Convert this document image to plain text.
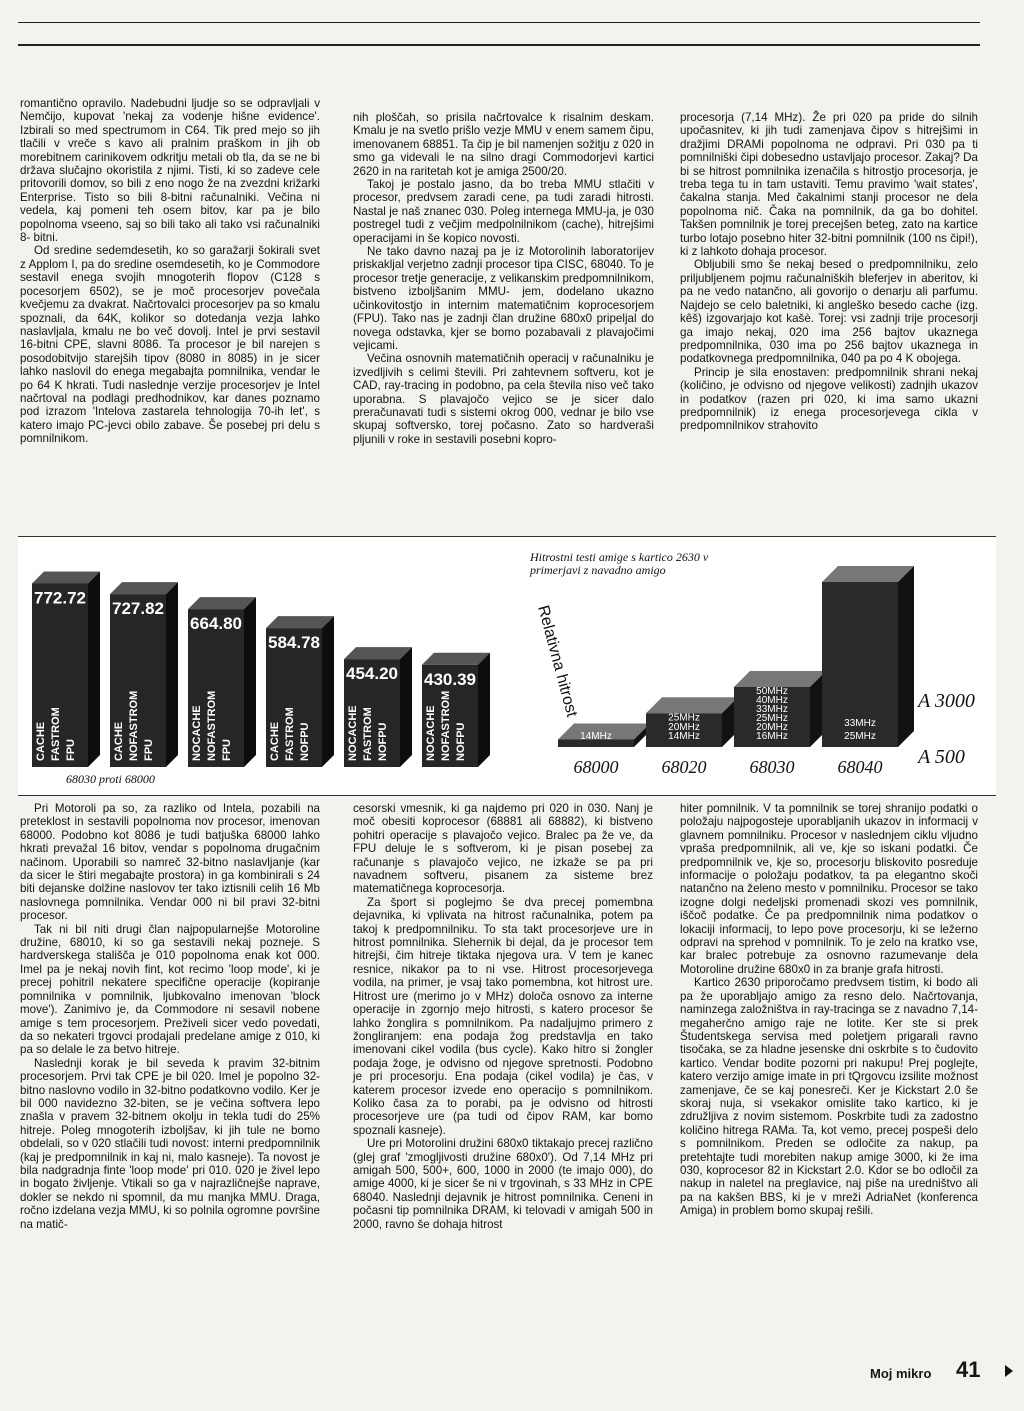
romantično opravilo. Nadebudni ljudje so se odpravljali v Nemčijo, kupovat 'nekaj za vodenje hišne evidence'. Izbirali so med spectrumom in C64. Tik pred mejo so jih tlačili v vreče s kavo ali pralnim praškom in jih ob morebitnem carinikovem odkritju metali ob tla, da se ne bi država slučajno okoristila z njimi. Tisti, ki so zadeve cele pritovorili domov, so bili z eno nogo že na zvezdni križarki Enterprise. Tisto so bili 8-bitni računalniki. Večina ni vedela, kaj pomeni teh osem bitov, kar pa je bilo popolnoma vseeno, saj so bili tako ali tako vsi računalniki 8- bitni.

Od sredine sedemdesetih, ko so garažarji šokirali svet z Applom I, pa do sredine osemdesetih, ko je Commodore sestavil enega svojih mnogoterih flopov (C128 s pocesorjem 6502), se je moč procesorjev povečala kvečjemu za dvakrat. Načrtovalci procesorjev pa so kmalu spoznali, da 64K, kolikor so dotedanja vezja lahko naslavljala, kmalu ne bo več dovolj. Intel je prvi sestavil 16-bitni CPE, slavni 8086. Ta procesor je bil narejen s posodobitvijo starejših tipov (8080 in 8085) in je sicer lahko naslovil do enega megabajta pomnilnika, vendar le po 64 K hkrati. Tudi naslednje verzije procesorjev je Intel načrtoval na podlagi predhodnikov, kar danes poznamo pod izrazom 'Intelova zastarela tehnologija 70-ih let', s katero imajo PC-jevci obilo zabave. Še posebej pri delu s pomnilnikom.

nih ploščah, so prisila načrtovalce k risalnim deskam. Kmalu je na svetlo prišlo vezje MMU v enem samem čipu, imenovanem 68851. Ta čip je bil namenjen sožitju z 020 in smo ga videvali le na silno dragi Commodorjevi kartici 2620 in na raritetah kot je amiga 2500/20.

Takoj je postalo jasno, da bo treba MMU stlačiti v procesor, predvsem zaradi cene, pa tudi zaradi hitrosti. Nastal je naš znanec 030. Poleg internega MMU-ja, je 030 postregel tudi z večjim medpolnilnikom (cache), hitrejšimi operacijami in še kopico novosti.

Ne tako davno nazaj pa je iz Motorolinih laboratorijev priskakljal verjetno zadnji procesor tipa CISC, 68040. To je procesor tretje generacije, z velikanskim predpomnilnikom, bistveno izboljšanim MMU- jem, dodelano ukazno učinkovitostjo in internim matematičnim koprocesorjem (FPU). Tako nas je zadnji član družine 680x0 pripeljal do novega odstavka, kjer se bomo pozabavali z plavajočimi vejicami.

Večina osnovnih matematičnih operacij v računalniku je izvedljivih s celimi števili. Pri zahtevnem softveru, kot je CAD, ray-tracing in podobno, pa cela števila niso več tako uporabna. S plavajočo vejico se je sicer dalo preračunavati tudi s sistemi okrog 000, vednar je bilo vse skupaj softversko, torej počasno. Zato so hardveraši pljunili v roke in sestavili posebni kopro-

procesorja (7,14 MHz). Že pri 020 pa pride do silnih upočasnitev, ki jih tudi zamenjava čipov s hitrejšimi in dražjimi DRAMi popolnoma ne odpravi. Pri 030 pa ti pomnilniški čipi dobesedno ustavljajo procesor. Zakaj? Da bi se hitrost pomnilnika izenačila s hitrostjo procesorja, je treba tega tu in tam ustaviti. Temu pravimo 'wait states', čakalna stanja. Med čakalnimi stanji procesor ne dela popolnoma nič. Čaka na pomnilnik, da ga bo dohitel. Takšen pomnilnik je torej precejšen beteg, zato na kartice turbo lotajo posebno hiter 32-bitni pomnilnik (100 ns čipi!), ki z lahkoto dohaja procesor.

Obljubili smo še nekaj besed o predpomnilniku, zelo priljubljenem pojmu računalniških bleferjev in aberitov, ki pa ne vedo natančno, ali govorijo o denarju ali parfumu. Najdejo se celo baletniki, ki angleško besedo cache (izg. kêš) izgovarjajo kot kašè. Torej: vsi zadnji trije procesorji ga imajo nekaj, 020 ima 256 bajtov ukaznega predpomnilnika, 030 ima po 256 bajtov ukaznega in podatkovnega predpomnilnika, 040 pa po 4 K obojega.

Princip je sila enostaven: predpomnilnik shrani nekaj (količino, je odvisno od njegove velikosti) zadnjih ukazov in podatkov (razen pri 020, ki ima samo ukazni predpomnilnik) iz enega procesorjevega cikla v predpomnilnikov strahovito

772.72
CACHE FASTROM FPU
727.82
CACHE NOFASTROM FPU
664.80
NOCACHE NOFASTROM FPU
584.78
CACHE FASTROM NOFPU
454.20
NOCACHE FASTROM NOFPU
430.39
NOCACHE NOFASTROM NOFPU
68030 proti 68000
14MHz
68000
14MHz
20MHz
25MHz
68020
16MHz
20MHz
25MHz
33MHz
40MHz
50MHz
68030
25MHz
33MHz
68040
Relativna hitrost	A 3000
A 500
Hitrostni testi amige s kartico 2630 v primerjavi z navadno amigo

Pri Motoroli pa so, za razliko od Intela, pozabili na preteklost in sestavili popolnoma nov procesor, imenovan 68000. Podobno kot 8086 je tudi batjuška 68000 lahko hkrati prevažal 16 bitov, vendar s popolnoma drugačnim načinom. Uporabili so namreč 32-bitno naslavljanje (kar da sicer le štiri megabajte prostora) in ga kombinirali s 24 biti dejanske dolžine naslovov ter tako iztisnili celih 16 Mb naslovnega pomnilnika. Vendar 000 ni bil pravi 32-bitni procesor.

Tak ni bil niti drugi član najpopularnejše Motoroline družine, 68010, ki so ga sestavili nekaj pozneje. S hardverskega stališča je 010 popolnoma enak kot 000. Imel pa je nekaj novih fint, kot recimo 'loop mode', ki je precej pohitril nekatere specifične operacije (kopiranje pomnilnika v pomnilnik, ljubkovalno imenovan 'block move'). Zanimivo je, da Commodore ni sesavil nobene amige s tem procesorjem. Preživeli sicer vedo povedati, da so nekateri trgovci prodajali predelane amige z 010, ki pa so delale le za betvo hitreje.

Naslednji korak je bil seveda k pravim 32-bitnim procesorjem. Prvi tak CPE je bil 020. Imel je popolno 32-bitno naslovno vodilo in 32-bitno podatkovno vodilo. Ker je bil 000 navidezno 32-biten, se je večina softvera lepo znašla v pravem 32-bitnem okolju in tekla tudi do 25% hitreje. Poleg mnogoterih izboljšav, ki jih tule ne bomo obdelali, so v 020 stlačili tudi novost: interni predpomnilnik (kaj je predpomnilnik in kaj ni, malo kasneje). Ta novost je bila nadgradnja finte 'loop mode' pri 010. 020 je živel lepo in bogato življenje. Vtikali so ga v najrazličnejše naprave, dokler se nekdo ni spomnil, da mu manjka MMU. Draga, ročno izdelana vezja MMU, ki so polnila ogromne površine na matič-

cesorski vmesnik, ki ga najdemo pri 020 in 030. Nanj je moč obesiti koprocesor (68881 ali 68882), ki bistveno pohitri operacije s plavajočo vejico. Bralec pa že ve, da FPU deluje le s softverom, ki je pisan posebej za računanje s plavajočo vejico, ne izkaže se pa pri navadnem softveru, pisanem za sisteme brez matematičnega koprocesorja.

Za šport si poglejmo še dva precej pomembna dejavnika, ki vplivata na hitrost računalnika, potem pa takoj k predpomnilniku. To sta takt procesorjeve ure in hitrost pomnilnika. Slehernik bi dejal, da je procesor tem hitrejši, čim hitreje tiktaka njegova ura. V tem je kanec resnice, nikakor pa to ni vse. Hitrost procesorjevega vodila, na primer, je vsaj tako pomembna, kot hitrost ure. Hitrost ure (merimo jo v MHz) določa osnovo za interne operacije in zgornjo mejo hitrosti, s katero procesor še lahko žonglira s pomnilnikom. Pa nadaljujmo primero z žongliranjem: ena podaja žog predstavlja en tako imenovani cikel vodila (bus cycle). Kako hitro si žongler podaja žoge, je odvisno od njegove spretnosti. Podobno je pri procesorju. Ena podaja (cikel vodila) je čas, v katerem procesor izvede eno operacijo s pomnilnikom. Koliko časa za to porabi, pa je odvisno od hitrosti procesorjeve ure (pa tudi od čipov RAM, kar bomo spoznali kasneje).

Ure pri Motorolini družini 680x0 tiktakajo precej različno (glej graf 'zmogljivosti družine 680x0'). Od 7,14 MHz pri amigah 500, 500+, 600, 1000 in 2000 (te imajo 000), do amige 4000, ki je sicer še ni v trgovinah, s 33 MHz in CPE 68040. Naslednji dejavnik je hitrost pomnilnika. Ceneni in počasni tip pomnilnika DRAM, ki telovadi v amigah 500 in 2000, ravno še dohaja hitrost

hiter pomnilnik. V ta pomnilnik se torej shranijo podatki o položaju najpogosteje uporabljanih ukazov in informacij v glavnem pomnilniku. Procesor v naslednjem ciklu vljudno vpraša predpomnilnik, ali ve, kje so iskani podatki. Če predpomnilnik ve, kje so, procesorju bliskovito posreduje informacije o položaju podatkov, ta pa elegantno skoči natančno na želeno mesto v pomnilniku. Procesor se tako izogne dolgi nedeljski promenadi skozi ves pomnilnik, iščoč podatke. Če pa predpomnilnik nima podatkov o lokaciji informacij, to lepo pove procesorju, ki se ležerno odpravi na sprehod v pomnilnik. To je zelo na kratko vse, kar bralec potrebuje za osnovno razumevanje dela Motoroline družine 680x0 in za branje grafa hitrosti.

Kartico 2630 priporočamo predvsem tistim, ki bodo ali pa že uporabljajo amigo za resno delo. Načrtovanja, naminzega založništva in ray-tracinga se z navadno 7,14-megaherčno amigo raje ne lotite. Ker ste si prek Študentskega servisa med poletjem prigarali ravno tisočaka, se za hladne jesenske dni oskrbite s to čudovito kartico. Vendar bodite pozorni pri nakupu! Prej poglejte, katero verzijo amige imate in pri tQrgovcu izsilite možnost zamenjave, če se kaj ponesreči. Ker je Kickstart 2.0 še skoraj nuja, si vsekakor omislite tako kartico, ki je združljiva z novim sistemom. Poskrbite tudi za zadostno količino hitrega RAMa. Ta, kot vemo, precej pospeši delo s pomnilnikom. Preden se odločite za nakup, pa pretehtajte tudi morebiten nakup amige 3000, ki že ima 030, koprocesor 82 in Kickstart 2.0. Kdor se bo odločil za nakup in naletel na preglavice, naj piše na uredništvo ali pa na kakšen BBS, ki je v mreži AdriaNet (konferenca Amiga) in problem bomo skupaj rešili.

Moj mikro 41
